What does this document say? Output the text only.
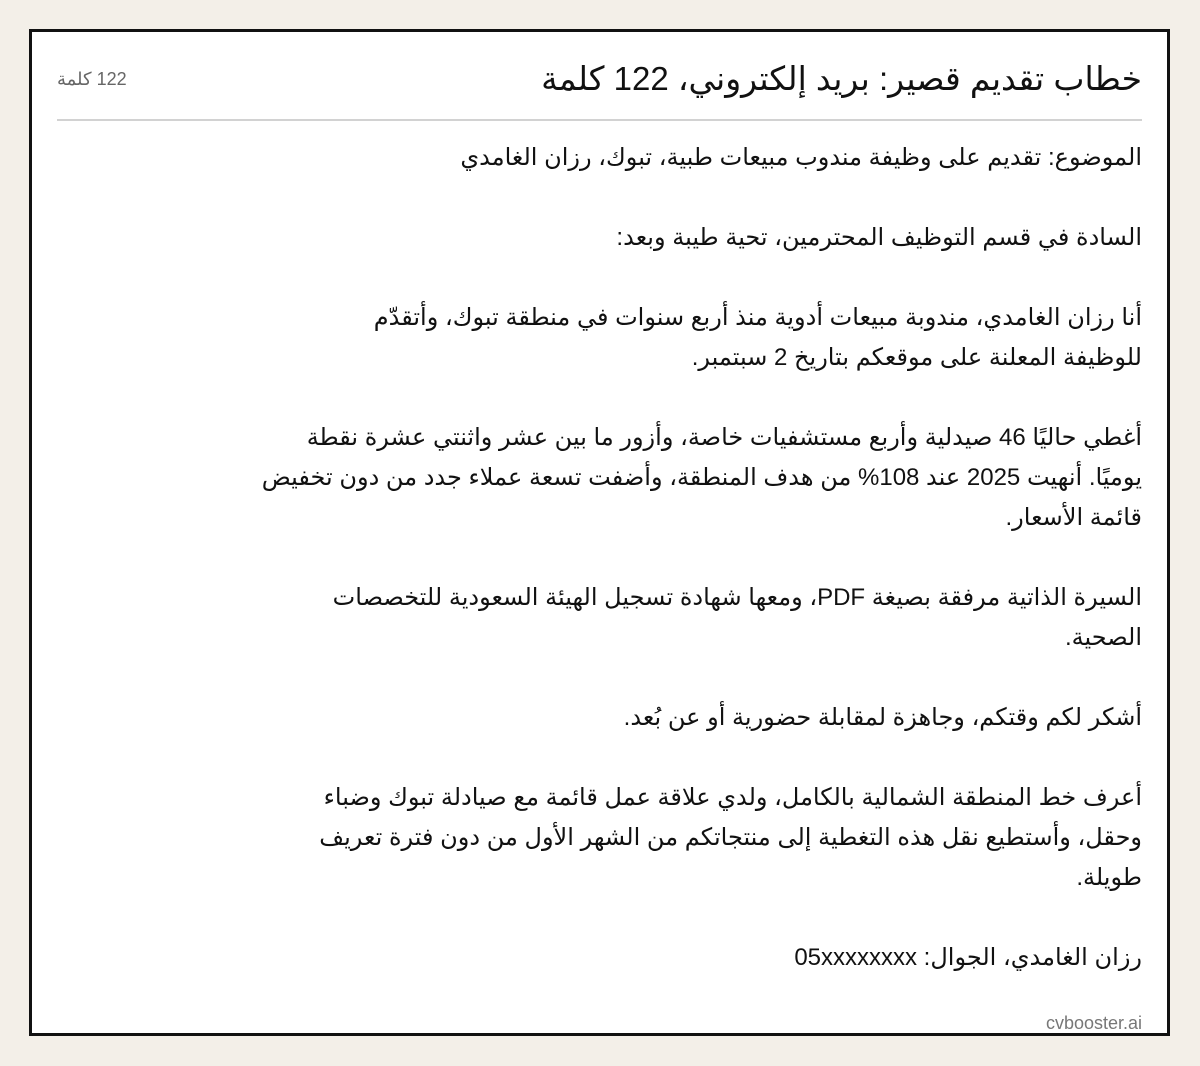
خطاب تقديم قصير: بريد إلكتروني، 122 كلمة
122 كلمة

الموضوع: تقديم على وظيفة مندوب مبيعات طبية، تبوك، رزان الغامدي

السادة في قسم التوظيف المحترمين، تحية طيبة وبعد:

أنا رزان الغامدي، مندوبة مبيعات أدوية منذ أربع سنوات في منطقة تبوك، وأتقدّم
للوظيفة المعلنة على موقعكم بتاريخ 2 سبتمبر.

أغطي حاليًا 46 صيدلية وأربع مستشفيات خاصة، وأزور ما بين عشر واثنتي عشرة نقطة
يوميًا. أنهيت 2025 عند 108% من هدف المنطقة، وأضفت تسعة عملاء جدد من دون تخفيض
قائمة الأسعار.

السيرة الذاتية مرفقة بصيغة PDF، ومعها شهادة تسجيل الهيئة السعودية للتخصصات
الصحية.

أشكر لكم وقتكم، وجاهزة لمقابلة حضورية أو عن بُعد.

أعرف خط المنطقة الشمالية بالكامل، ولدي علاقة عمل قائمة مع صيادلة تبوك وضباء
وحقل، وأستطيع نقل هذه التغطية إلى منتجاتكم من الشهر الأول من دون فترة تعريف
طويلة.

رزان الغامدي، الجوال: 05xxxxxxxx

cvbooster.ai
